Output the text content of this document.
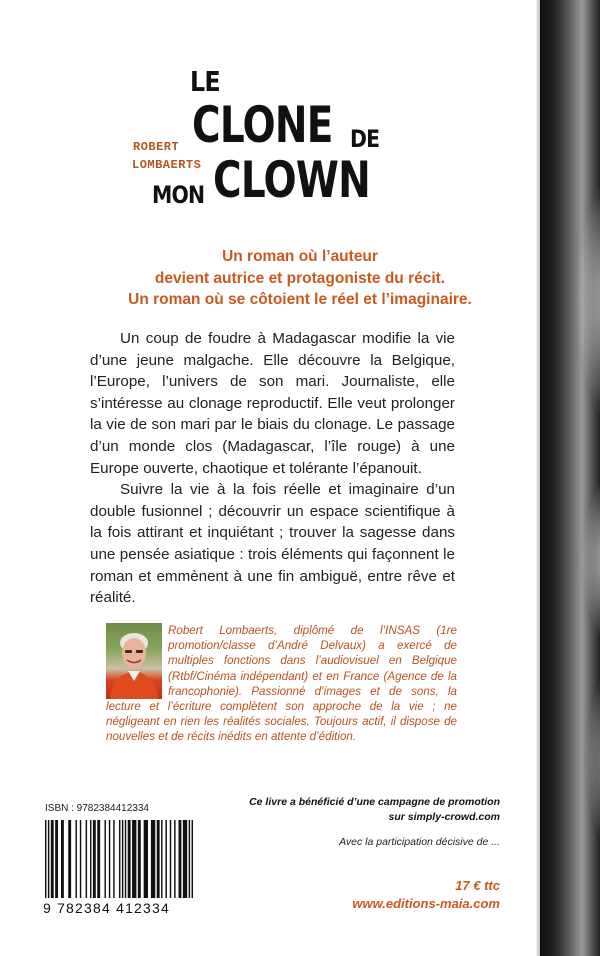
LE
CLONE DE
CLOWN
MON
ROBERT
LOMBAERTS
Un roman où l’auteur
devient autrice et protagoniste du récit.
Un roman où se côtoient le réel et l’imaginaire.

Un coup de foudre à Madagascar modifie la vie d’une jeune malgache. Elle découvre la Belgique, l’Europe, l’univers de son mari. Journaliste, elle s’intéresse au clonage reproductif. Elle veut prolonger la vie de son mari par le biais du clonage. Le passage d’un monde clos (Madagascar, l’île rouge) à une Europe ouverte, chaotique et tolérante l’épanouit.

Suivre la vie à la fois réelle et imaginaire d’un double fusionnel ; découvrir un espace scientifique à la fois attirant et inquiétant ; trouver la sagesse dans une pensée asiatique : trois éléments qui façonnent le roman et emmènent à une fin ambiguë, entre rêve et réalité.

Robert Lombaerts, diplômé de l’INSAS (1re promotion/classe d’André Delvaux) a exercé de multiples fonctions dans l’audiovisuel en Belgique (Rtbf/Cinéma indépendant) et en France (Agence de la francophonie). Passionné d’images et de sons, la lecture et l’écriture complètent son approche de la vie ; ne négligeant en rien les réalités sociales. Toujours actif, il dispose de nouvelles et de récits inédits en attente d’édition.
ISBN : 9782384412334
9 782384 412334
Ce livre a bénéficié d’une campagne de promotion
sur simply-crowd.com
Avec la participation décisive de ...
17 € ttc
www.editions-maia.com
